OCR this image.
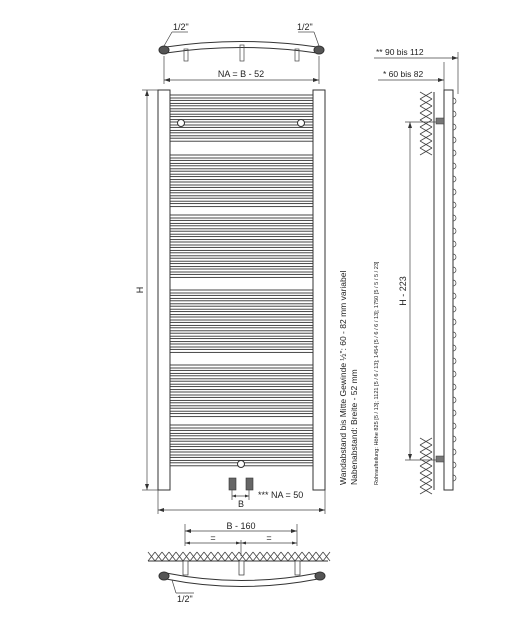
1/2"	1/2"
NA = B - 52
H
*** NA = 50
B
Wandabstand bis Mitte Gewinde ½": 60 - 82 mm variabel Nabenabstand: Breite - 52 mm	Rohraufteilung: Höhe 825 [5 / 13]; 1121 [5 / 6 / 13]; 1454 [5 / 6 / 6 / 13]; 1750 [5 / 5 / 5 / 23]
** 90 bis 112
* 60 bis 82
H - 223
B - 160
=	=
1/2"
